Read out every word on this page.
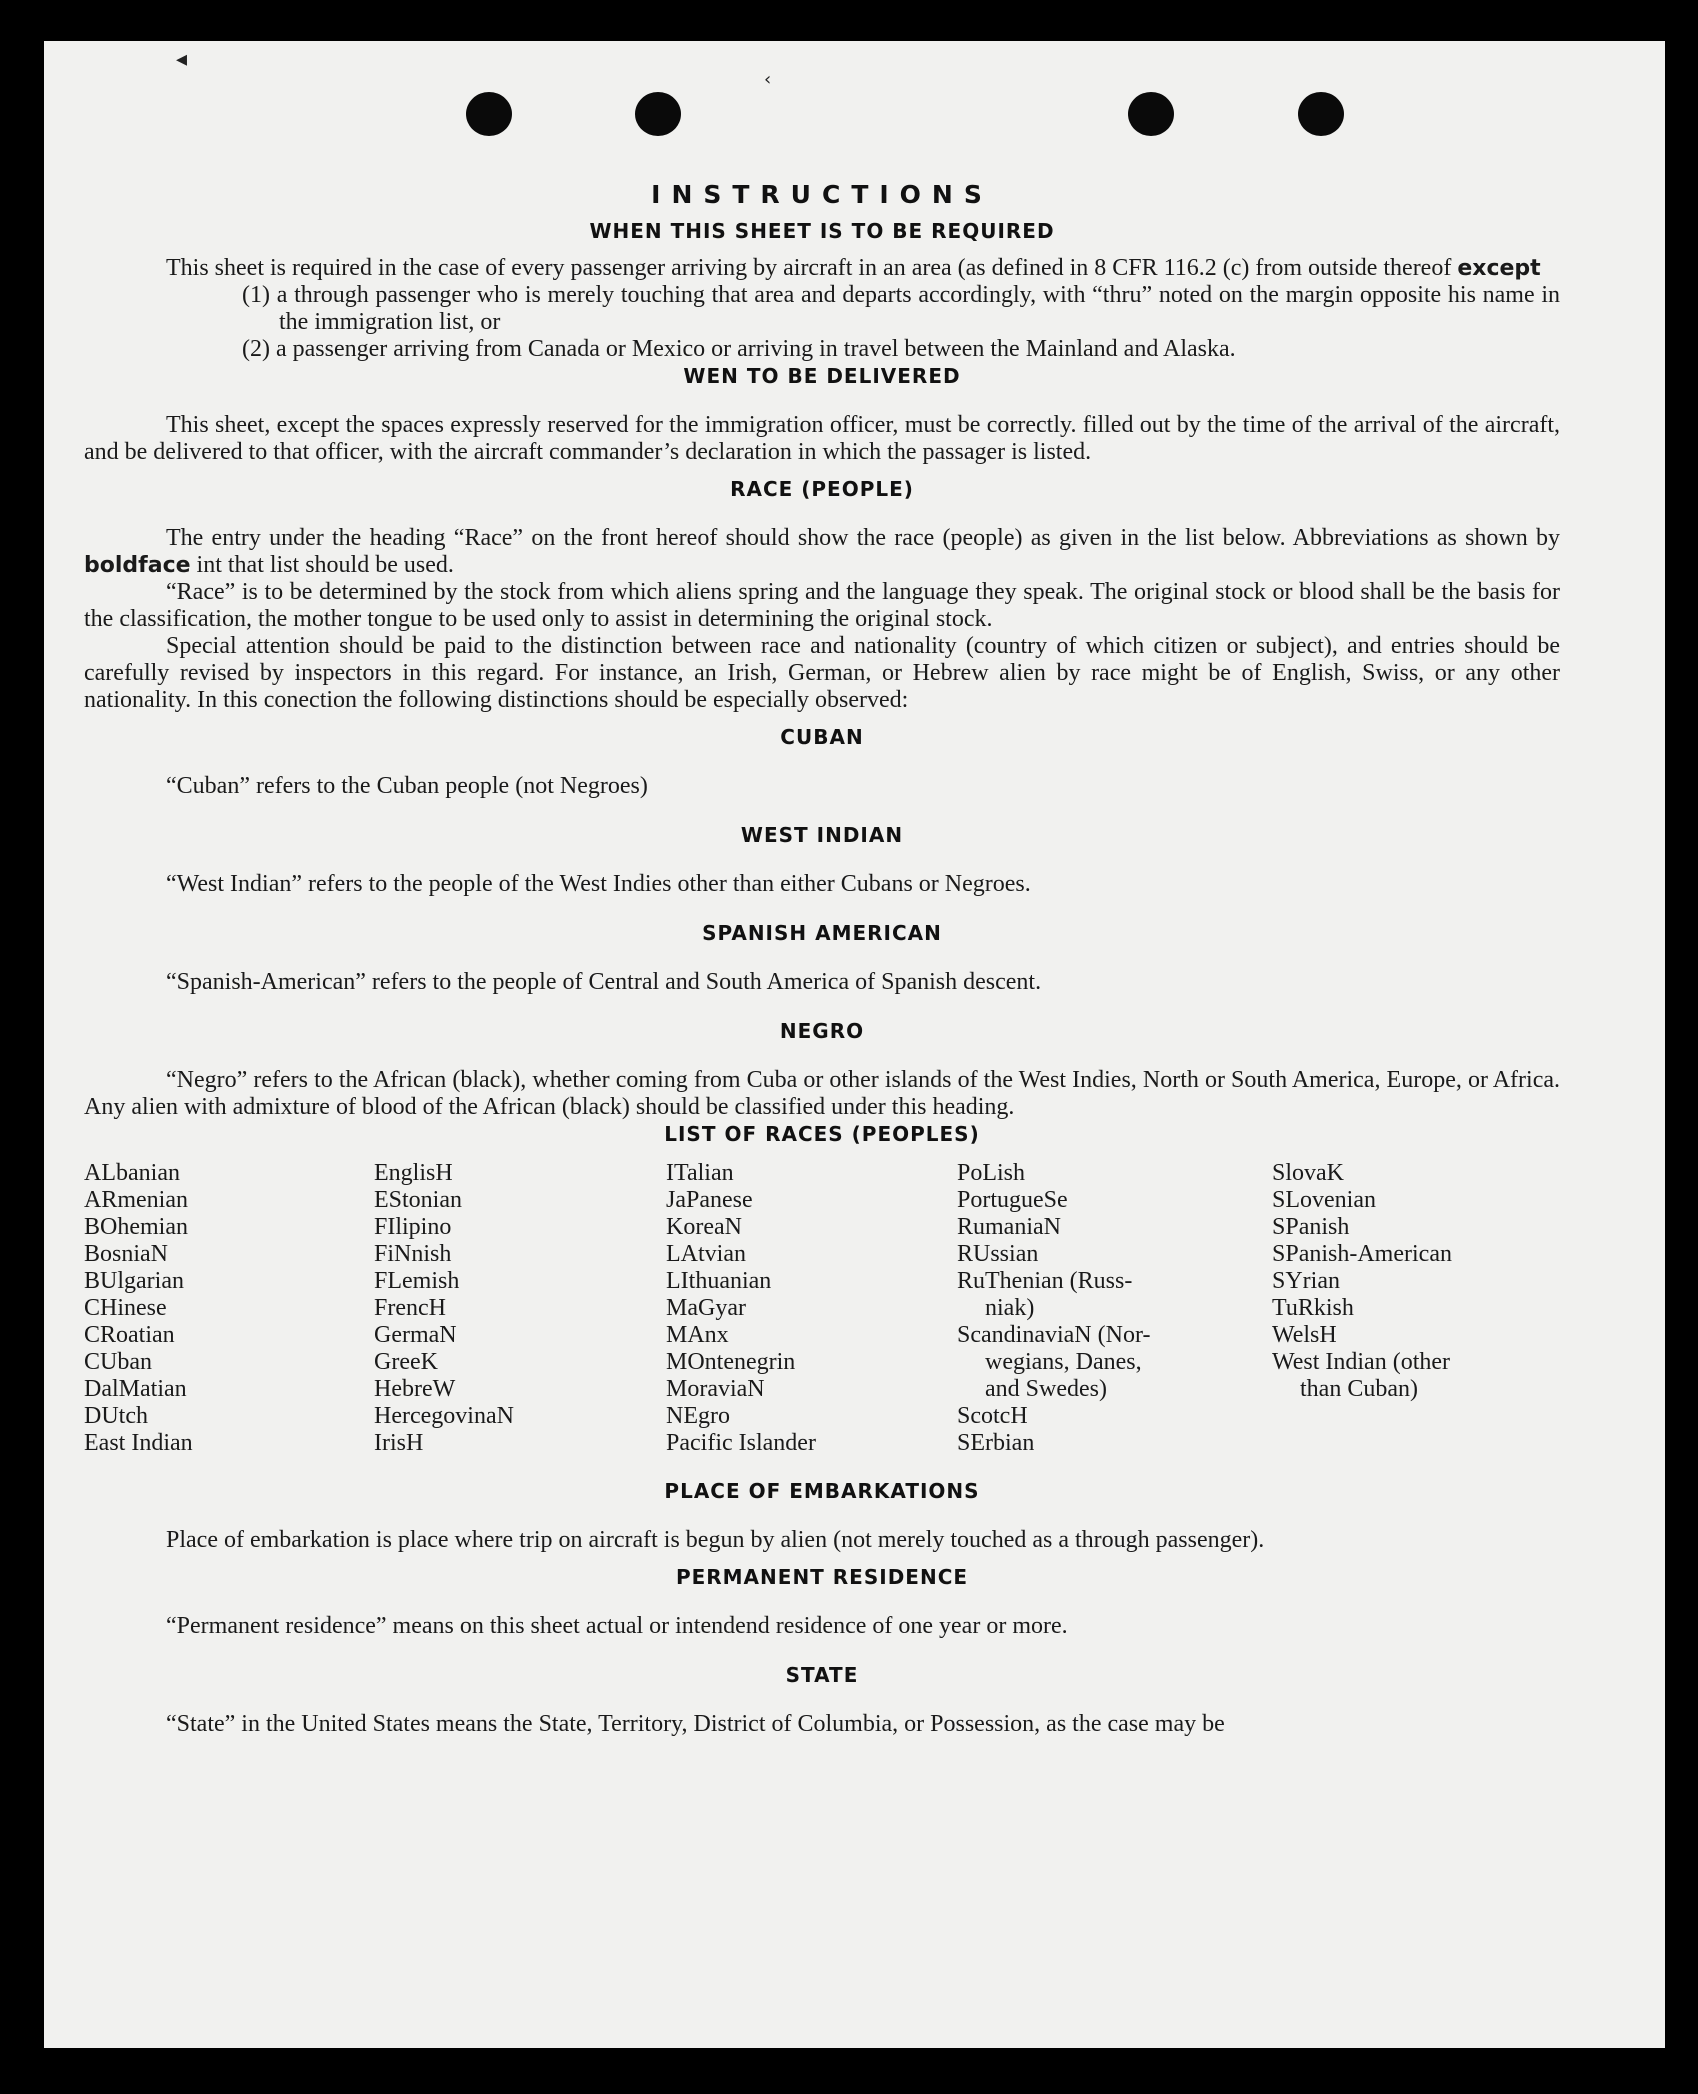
◂
‹
INSTRUCTIONS
WHEN THIS SHEET IS TO BE REQUIRED

This sheet is required in the case of every passenger arriving by aircraft in an area (as defined in 8 CFR 116.2 (c) from outside thereof except

(1) a through passenger who is merely touching that area and departs accordingly, with “thru” noted on the margin opposite his name in the immigration list, or

(2) a passenger arriving from Canada or Mexico or arriving in travel between the Mainland and Alaska.

WEN TO BE DELIVERED

This sheet, except the spaces expressly reserved for the immigration officer, must be correctly. filled out by the time of the arrival of the aircraft, and be delivered to that officer, with the aircraft commander’s declaration in which the passager is listed.

RACE (PEOPLE)

The entry under the heading “Race” on the front hereof should show the race (people) as given in the list below. Abbreviations as shown by boldface int that list should be used.

“Race” is to be determined by the stock from which aliens spring and the language they speak. The original stock or blood shall be the basis for the classification, the mother tongue to be used only to assist in determining the original stock.

Special attention should be paid to the distinction between race and nationality (country of which citizen or subject), and entries should be carefully revised by inspectors in this regard. For instance, an Irish, German, or Hebrew alien by race might be of English, Swiss, or any other nationality. In this conection the following distinctions should be especially observed:

CUBAN

“Cuban” refers to the Cuban people (not Negroes)

WEST INDIAN

“West Indian” refers to the people of the West Indies other than either Cubans or Negroes.

SPANISH AMERICAN

“Spanish-American” refers to the people of Central and South America of Spanish descent.

NEGRO

“Negro” refers to the African (black), whether coming from Cuba or other islands of the West Indies, North or South America, Europe, or Africa. Any alien with admixture of blood of the African (black) should be classified under this heading.

LIST OF RACES (PEOPLES)
ALbanian
ARmenian
BOhemian
BosniaN
BUlgarian
CHinese
CRoatian
CUban
DalMatian
DUtch
East Indian
EnglisH
EStonian
FIlipino
FiNnish
FLemish
FrencH
GermaN
GreeK
HebreW
HercegovinaN
IrisH
ITalian
JaPanese
KoreaN
LAtvian
LIthuanian
MaGyar
MAnx
MOntenegrin
MoraviaN
NEgro
Pacific Islander
PoLish
PortugueSe
RumaniaN
RUssian
RuThenian (Russ-
niak)
ScandinaviaN (Nor-
wegians, Danes,
and Swedes)
ScotcH
SErbian
SlovaK
SLovenian
SPanish
SPanish-American
SYrian
TuRkish
WelsH
West Indian (other
than Cuban)
PLACE OF EMBARKATIONS

Place of embarkation is place where trip on aircraft is begun by alien (not merely touched as a through passenger).

PERMANENT RESIDENCE

“Permanent residence” means on this sheet actual or intendend residence of one year or more.

STATE

“State” in the United States means the State, Territory, District of Columbia, or Possession, as the case may be
